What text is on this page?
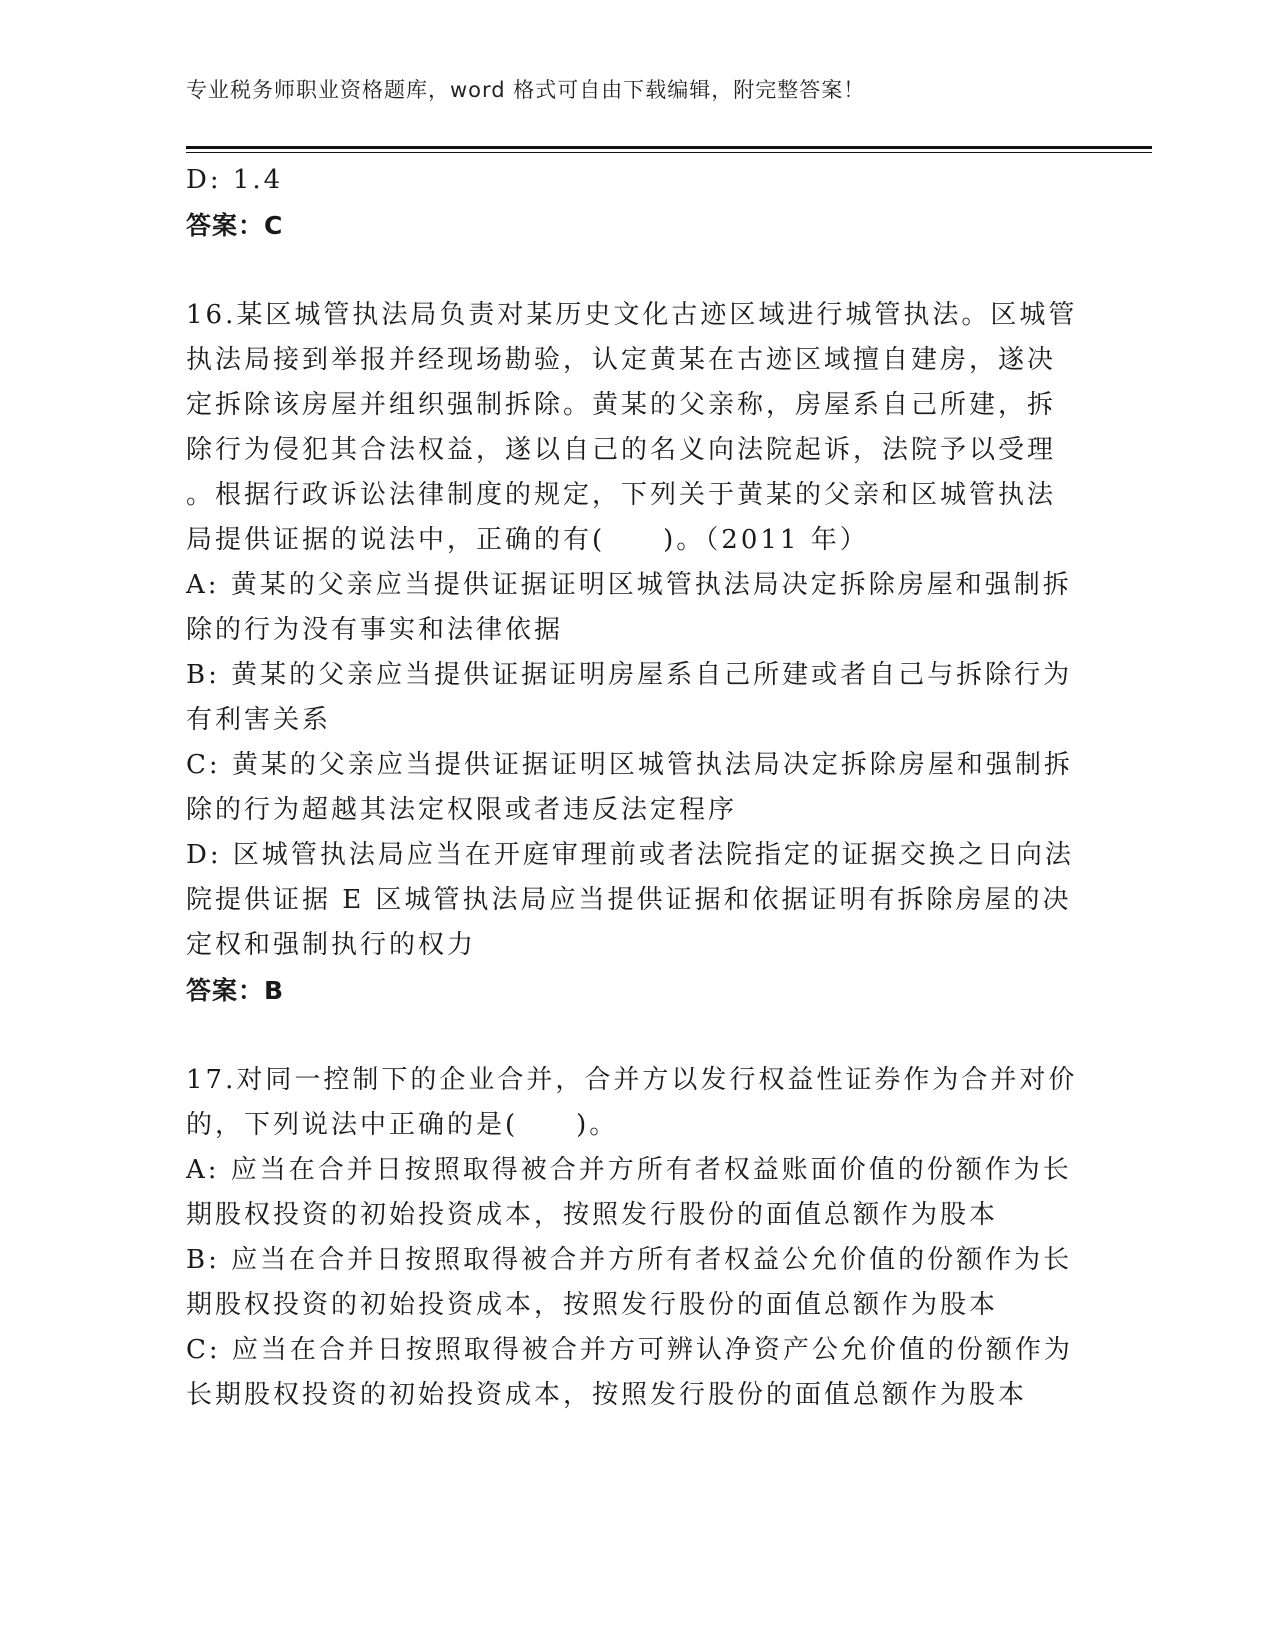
专业税务师职业资格题库，word 格式可自由下载编辑，附完整答案！
D: 1.4
答案：C
16.某区城管执法局负责对某历史文化古迹区域进行城管执法。区城管
执法局接到举报并经现场勘验，认定黄某在古迹区域擅自建房，遂决
定拆除该房屋并组织强制拆除。黄某的父亲称，房屋系自己所建，拆
除行为侵犯其合法权益，遂以自己的名义向法院起诉，法院予以受理
。根据行政诉讼法律制度的规定，下列关于黄某的父亲和区城管执法
局提供证据的说法中，正确的有(　　)。（2011 年）
A: 黄某的父亲应当提供证据证明区城管执法局决定拆除房屋和强制拆
除的行为没有事实和法律依据
B: 黄某的父亲应当提供证据证明房屋系自己所建或者自己与拆除行为
有利害关系
C: 黄某的父亲应当提供证据证明区城管执法局决定拆除房屋和强制拆
除的行为超越其法定权限或者违反法定程序
D: 区城管执法局应当在开庭审理前或者法院指定的证据交换之日向法
院提供证据 E 区城管执法局应当提供证据和依据证明有拆除房屋的决
定权和强制执行的权力
答案：B
17.对同一控制下的企业合并，合并方以发行权益性证券作为合并对价
的，下列说法中正确的是(　　)。
A: 应当在合并日按照取得被合并方所有者权益账面价值的份额作为长
期股权投资的初始投资成本，按照发行股份的面值总额作为股本
B: 应当在合并日按照取得被合并方所有者权益公允价值的份额作为长
期股权投资的初始投资成本，按照发行股份的面值总额作为股本
C: 应当在合并日按照取得被合并方可辨认净资产公允价值的份额作为
长期股权投资的初始投资成本，按照发行股份的面值总额作为股本
